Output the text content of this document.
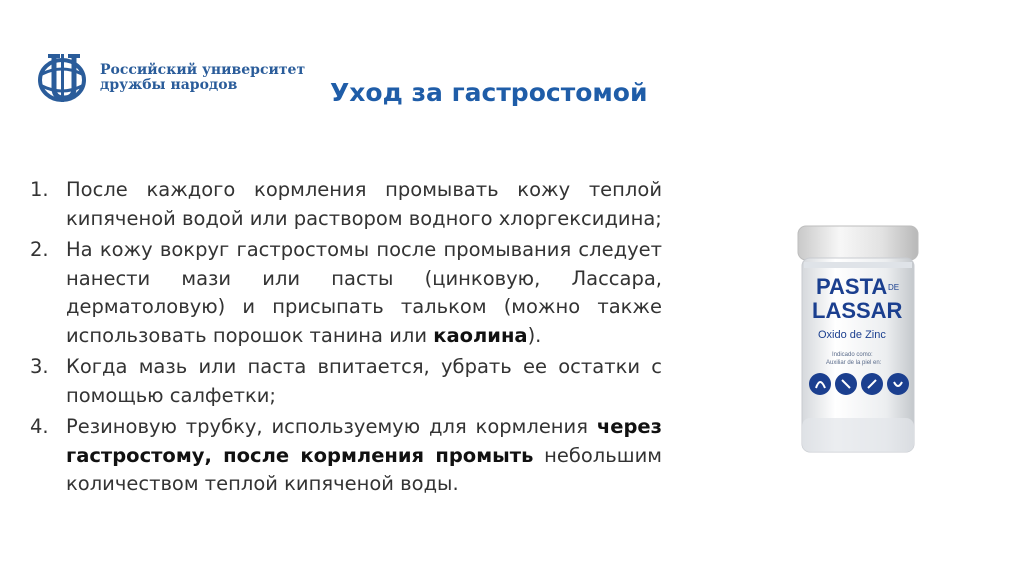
Российский университет
дружбы народов	Уход за гастростомой
1. После каждого кормления промывать кожу теплой кипяченой водой или раствором водного хлоргексидина;
2. На кожу вокруг гастростомы после промывания следует нанести мази или пасты (цинковую, Лассара, дерматоловую) и присыпать тальком (можно также использовать порошок танина или каолина).
3. Когда мазь или паста впитается, убрать ее остатки с помощью салфетки;
4. Резиновую трубку, используемую для кормления через гастростому, после кормления промыть небольшим количеством теплой кипяченой воды.
PASTA DE
LASSAR
Oxido de Zinc
Indicado como:
Auxiliar de la piel en:
